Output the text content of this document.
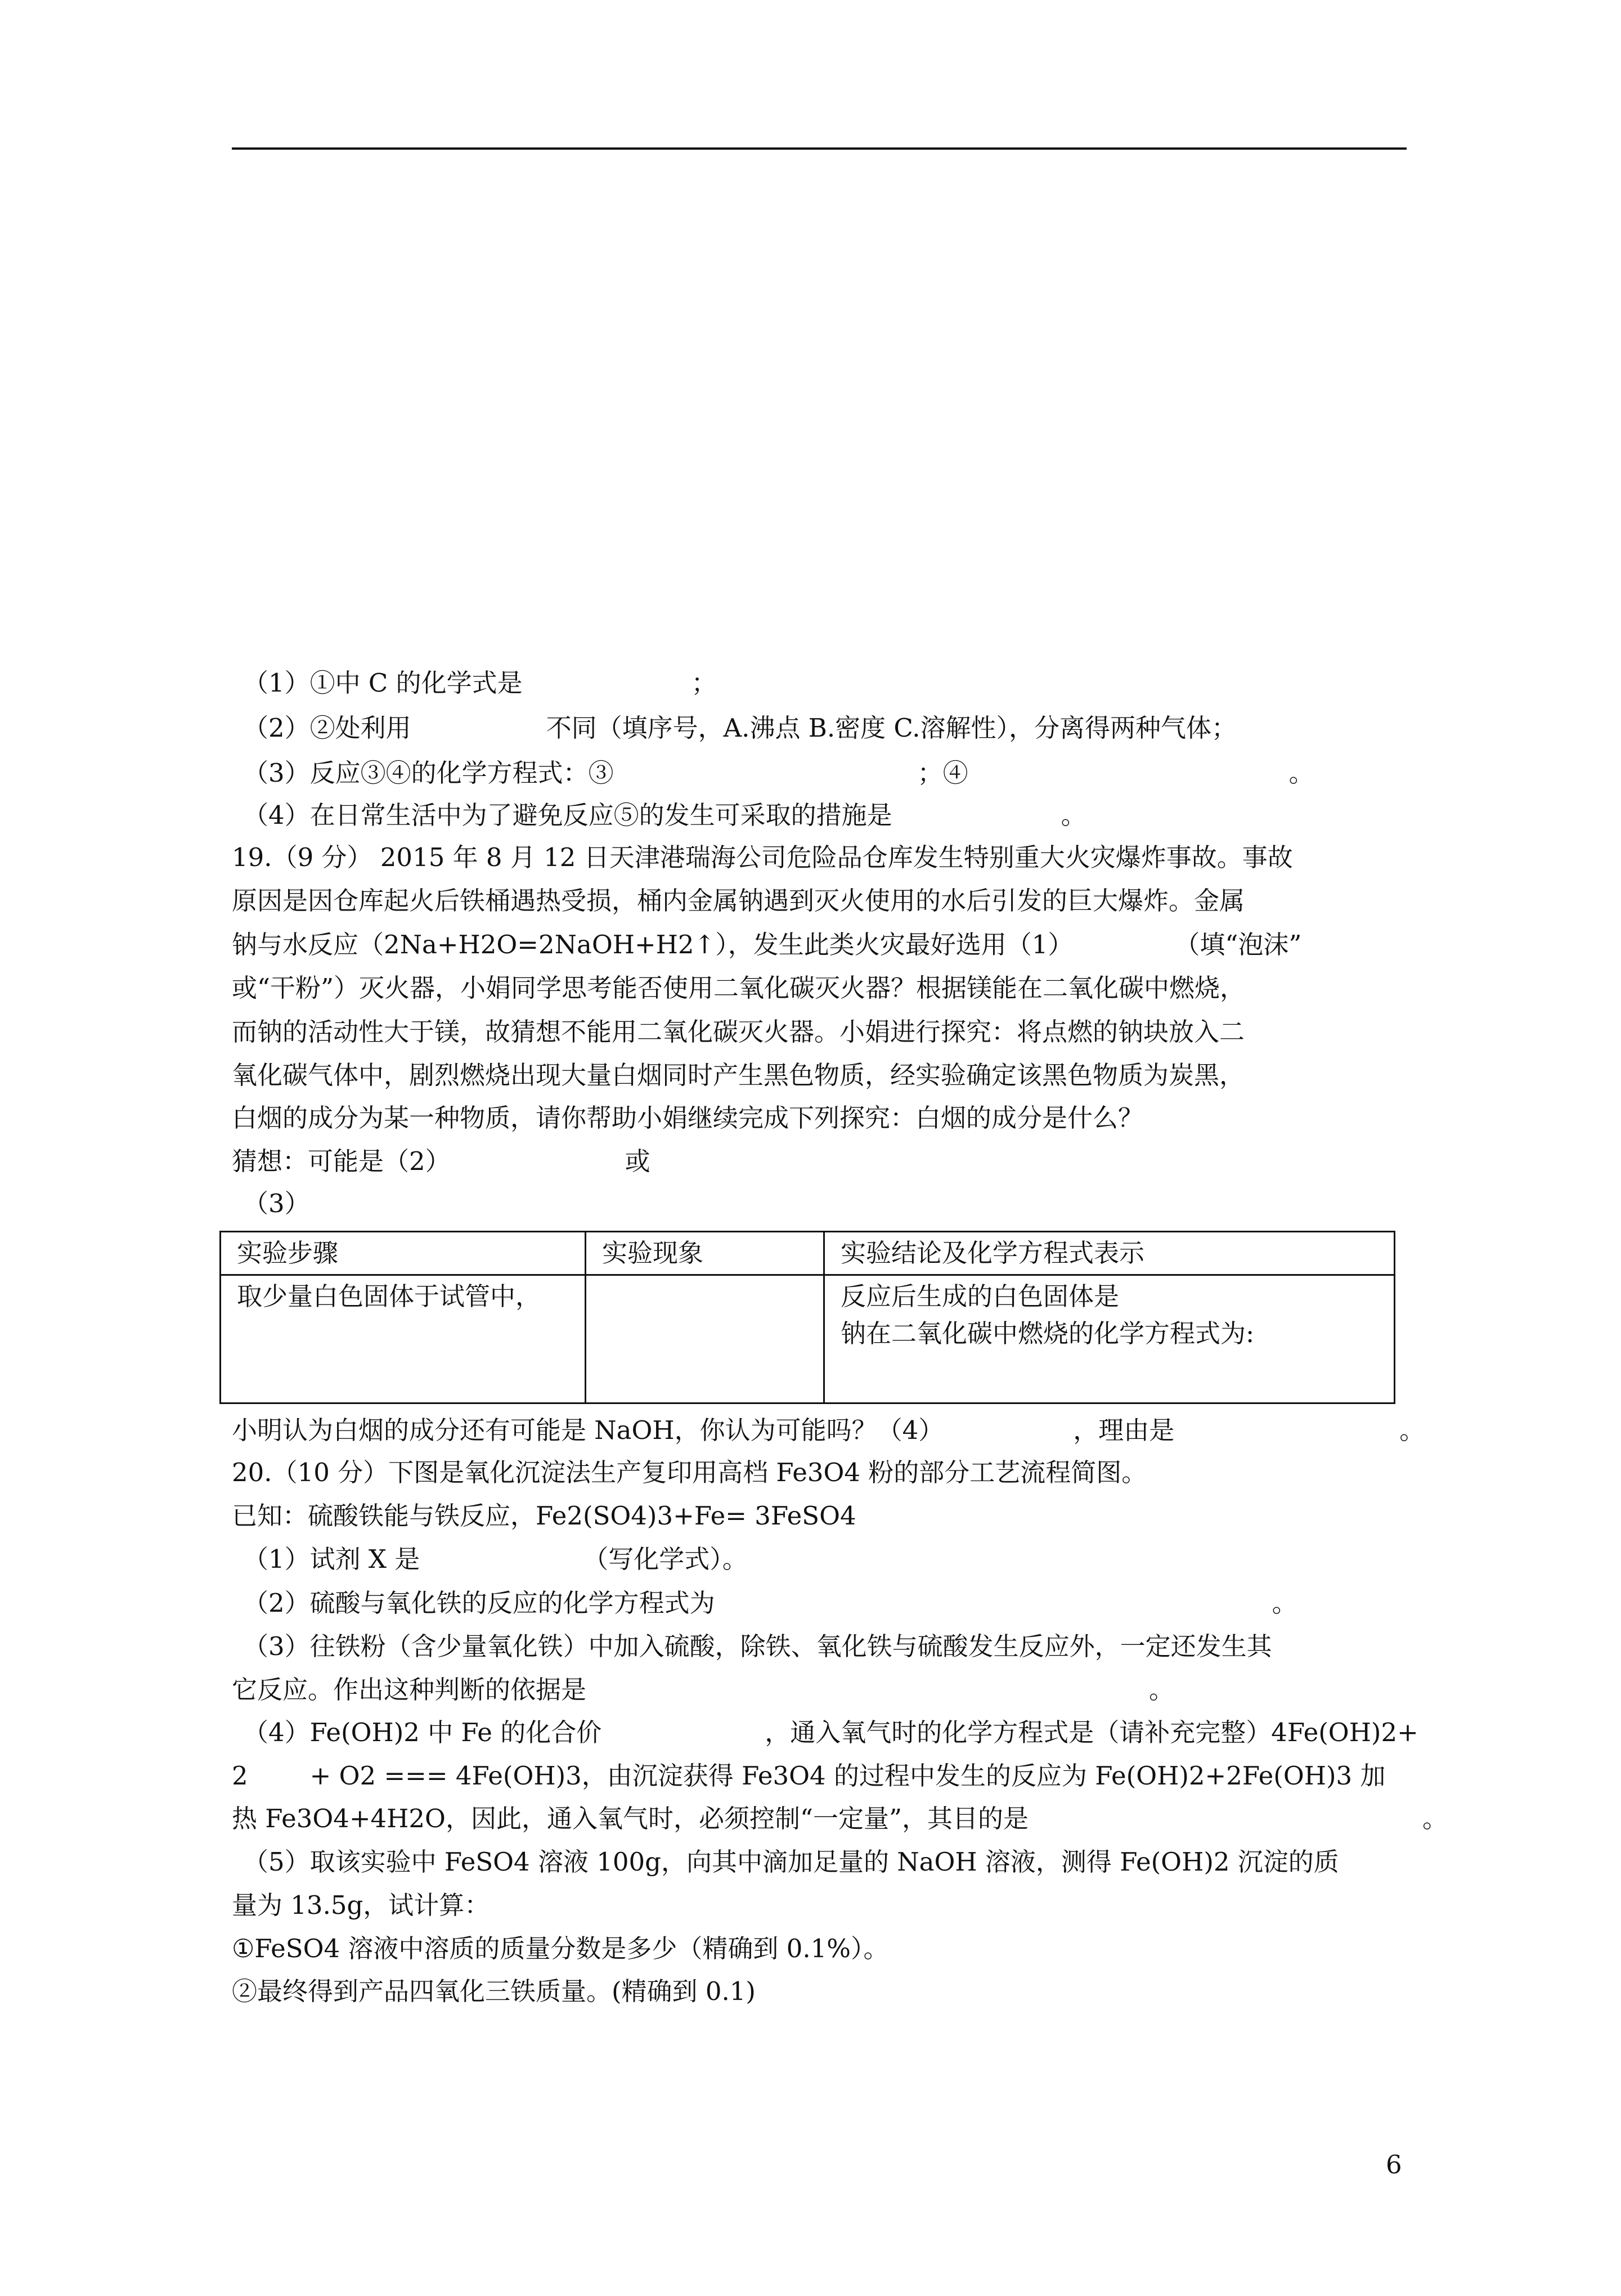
（1）①中 C 的化学式是	；
（2）②处利用	不同（填序号，A.沸点 B.密度 C.溶解性），分离得两种气体；
（3）反应③④的化学方程式：③	；④	。
（4）在日常生活中为了避免反应⑤的发生可采取的措施是	。
19.（9 分） 2015 年 8 月 12 日天津港瑞海公司危险品仓库发生特别重大火灾爆炸事故。事故
原因是因仓库起火后铁桶遇热受损，桶内金属钠遇到灭火使用的水后引发的巨大爆炸。金属
钠与水反应（2Na+H2O=2NaOH+H2↑），发生此类火灾最好选用（1）	（填“泡沫”
或“干粉”）灭火器，小娟同学思考能否使用二氧化碳灭火器？根据镁能在二氧化碳中燃烧，
而钠的活动性大于镁，故猜想不能用二氧化碳灭火器。小娟进行探究：将点燃的钠块放入二
氧化碳气体中，剧烈燃烧出现大量白烟同时产生黑色物质，经实验确定该黑色物质为炭黑，
白烟的成分为某一种物质，请你帮助小娟继续完成下列探究：白烟的成分是什么？
猜想：可能是（2）	或
（3）
实验步骤	实验现象	实验结论及化学方程式表示
取少量白色固体于试管中，		反应后生成的白色固体是
钠在二氧化碳中燃烧的化学方程式为:
小明认为白烟的成分还有可能是 NaOH，你认为可能吗？（4）	，理由是	。
20.（10 分）下图是氧化沉淀法生产复印用高档 Fe3O4 粉的部分工艺流程简图。
已知：硫酸铁能与铁反应，Fe2(SO4)3+Fe= 3FeSO4
（1）试剂 X 是	（写化学式）。
（2）硫酸与氧化铁的反应的化学方程式为	。
（3）往铁粉（含少量氧化铁）中加入硫酸，除铁、氧化铁与硫酸发生反应外，一定还发生其
它反应。作出这种判断的依据是	。
（4）Fe(OH)2 中 Fe 的化合价	，通入氧气时的化学方程式是（请补充完整）4Fe(OH)2+
2 + O2 === 4Fe(OH)3，由沉淀获得 Fe3O4 的过程中发生的反应为 Fe(OH)2+2Fe(OH)3 加
热 Fe3O4+4H2O，因此，通入氧气时，必须控制“一定量”，其目的是	。
（5）取该实验中 FeSO4 溶液 100g，向其中滴加足量的 NaOH 溶液，测得 Fe(OH)2 沉淀的质
量为 13.5g，试计算：
①FeSO4 溶液中溶质的质量分数是多少（精确到 0.1%）。
②最终得到产品四氧化三铁质量。(精确到 0.1)
6
